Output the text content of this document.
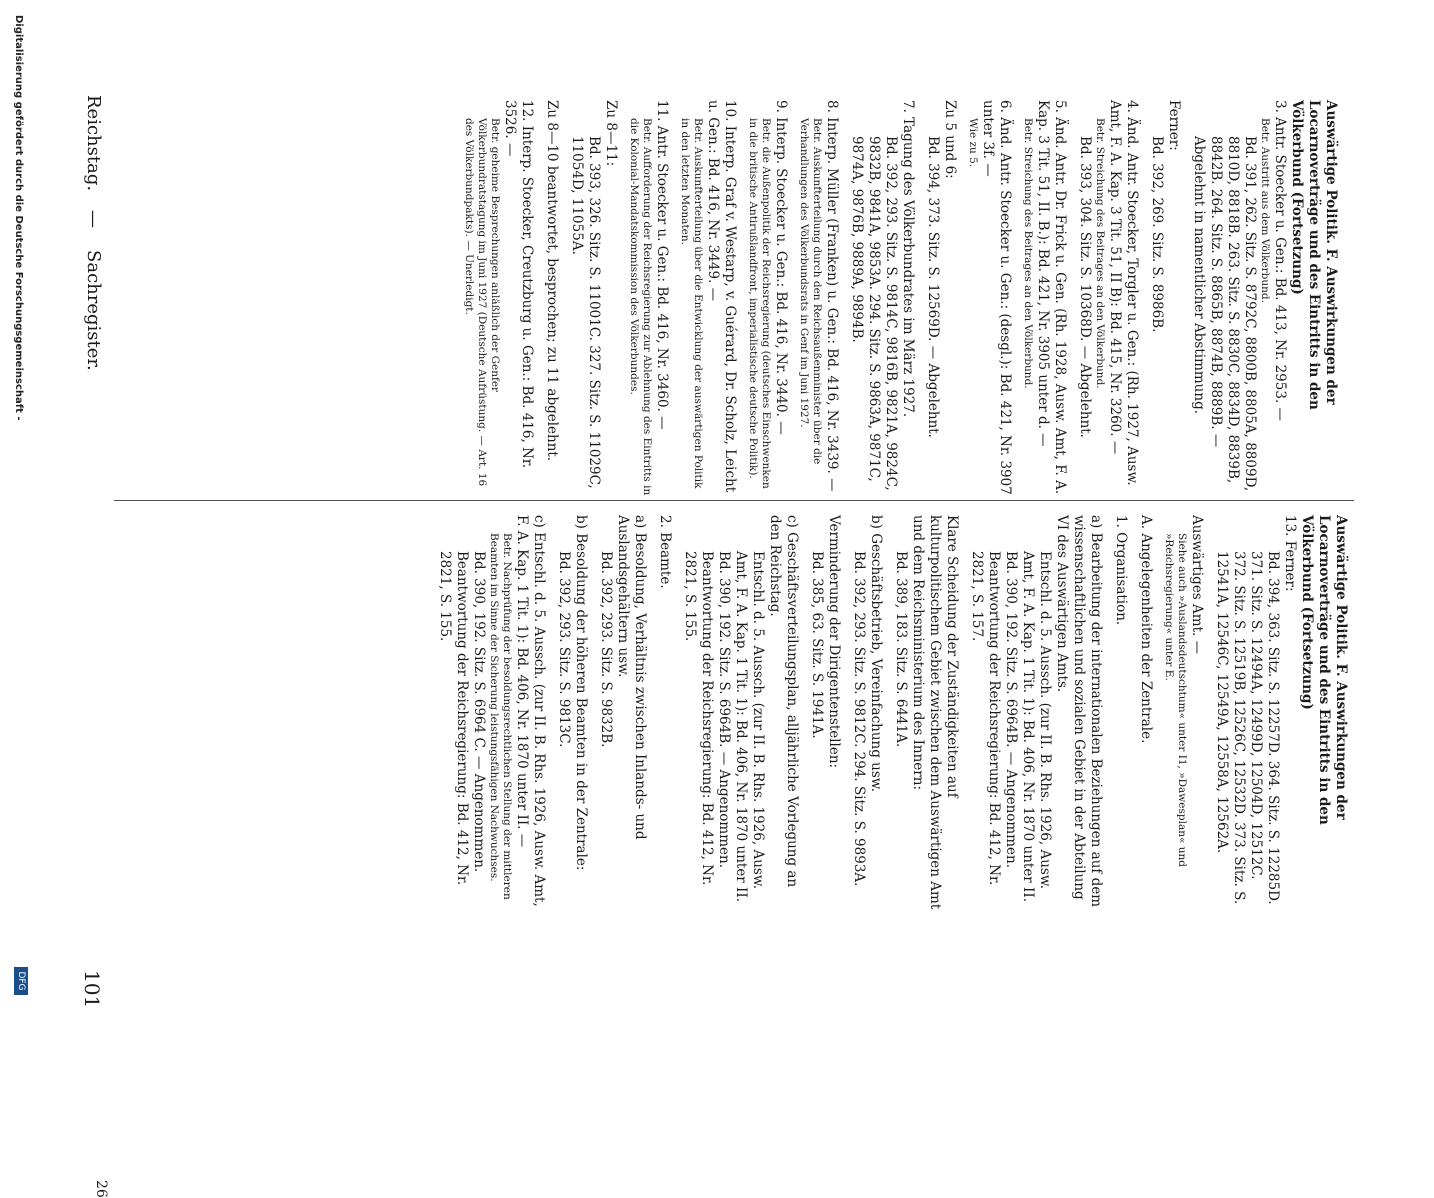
Reichstag.
—
Sachregister.
101
Auswärtige Politik. F. Auswirkungen der Locarnoverträge und des Eintritts in den Völkerbund (Fortsetzung)
3. Antr. Stoecker u. Gen.: Bd. 413, Nr. 2953. —
Betr. Austritt aus dem Völkerbund.
Bd. 391, 262. Sitz. S. 8792C, 8800B, 8805A, 8809D, 8810D, 8818B. 263. Sitz. S. 8830C, 8834D, 8839B, 8842B. 264. Sitz. S. 8865B, 8874B, 8889B. — Abgelehnt in namentlicher Abstimmung.
Ferner:
Bd. 392, 269. Sitz. S. 8986B.
4. Änd. Antr. Stoecker, Torgler u. Gen.: (Rh. 1927, Ausw. Amt, F. A. Kap. 3 Tit. 51, II B): Bd. 415, Nr. 3260. —
Betr. Streichung des Beitrages an den Völkerbund.
Bd. 393, 304. Sitz. S. 10368D. — Abgelehnt.
5. Änd. Antr. Dr. Frick u. Gen. (Rh. 1928, Ausw. Amt, F. A. Kap. 3 Tit. 51, II. B.): Bd. 421, Nr. 3905 unter d. —
Betr. Streichung des Beitrages an den Völkerbund.
6. Änd. Antr. Stoecker u. Gen.: (desgl.): Bd. 421, Nr. 3907 unter 3f. —
Wie zu 5.
Zu 5 und 6:
Bd. 394, 373. Sitz. S. 12569D. — Abgelehnt.
7. Tagung des Völkerbundrates im März 1927.
Bd. 392, 293. Sitz. S. 9814C, 9816B, 9821A, 9824C, 9832B, 9841A, 9853A. 294. Sitz. S. 9863A, 9871C, 9874A, 9876B, 9889A, 9894B.
8. Interp. Müller (Franken) u. Gen.: Bd. 416, Nr. 3439. —
Betr. Auskunfterteilung durch den Reichsaußenminister über die Verhandlungen des Völkerbundsrats in Genf im Juni 1927.
9. Interp. Stoecker u. Gen.: Bd. 416, Nr. 3440. —
Betr. die Außenpolitik der Reichsregierung (deutsches Einschwenken in die britische Antirußlandfront, imperialistische deutsche Politik).
10. Interp. Graf v. Westarp, v. Guérard, Dr. Scholz, Leicht u. Gen.: Bd. 416, Nr. 3449. —
Betr. Auskunfterteilung über die Entwicklung der auswärtigen Politik in den letzten Monaten.
11. Antr. Stoecker u. Gen.: Bd. 416, Nr. 3460. —
Betr. Aufforderung der Reichsregierung zur Ablehnung des Eintritts in die Kolonial-Mandatskommission des Völkerbundes.
Zu 8—11:
Bd. 393, 326. Sitz. S. 11001C. 327. Sitz. S. 11029C, 11054D, 11055A.
Zu 8—10 beantwortet, besprochen; zu 11 abgelehnt.
12. Interp. Stoecker, Creutzburg u. Gen.: Bd. 416, Nr. 3526. —
Betr. geheime Besprechungen anläßlich der Genfer Völkerbundratstagung im Juni 1927 (Deutsche Aufrüstung. — Art. 16 des Völkerbundpakts). — Unerledigt.
Auswärtige Politik. F. Auswirkungen der Locarnoverträge und des Eintritts in den Völkerbund (Fortsetzung)
13. Ferner:
Bd. 394, 363. Sitz. S. 12257D. 364. Sitz. S. 12285D. 371. Sitz. S. 12494A, 12499D, 12504D, 12512C. 372. Sitz. S. 12519B, 12526C, 12532D. 373. Sitz. S. 12541A, 12546C, 12549A, 12558A, 12562A.
Auswärtiges Amt. —
Siehe auch »Auslandsdeutschtum« unter I1, »Dawesplan« und »Reichsregierung« unter E.
A. Angelegenheiten der Zentrale.
1. Organisation.
a) Bearbeitung der internationalen Beziehungen auf dem wissenschaftlichen und sozialen Gebiet in der Abteilung VI des Auswärtigen Amts.
Entschl. d. 5. Aussch. (zur II. B. Rhs. 1926, Ausw. Amt, F. A. Kap. 1 Tit. 1): Bd. 406, Nr. 1870 unter II. Bd. 390, 192. Sitz. S. 6964B. — Angenommen. Beantwortung der Reichsregierung: Bd. 412, Nr. 2821, S. 157.
Klare Scheidung der Zuständigkeiten auf kulturpolitischem Gebiet zwischen dem Auswärtigen Amt und dem Reichsministerium des Innern:
Bd. 389, 183. Sitz. S. 6441A.
b) Geschäftsbetrieb, Vereinfachung usw.
Bd. 392, 293. Sitz. S. 9812C. 294. Sitz. S. 9893A.
Verminderung der Dirigentenstellen:
Bd. 385, 63. Sitz. S. 1941A.
c) Geschäftsverteilungsplan, alljährliche Vorlegung an den Reichstag.
Entschl. d. 5. Aussch. (zur II. B. Rhs. 1926, Ausw. Amt, F. A. Kap. 1 Tit. 1): Bd. 406, Nr. 1870 unter II. Bd. 390, 192. Sitz. S. 6964B. — Angenommen. Beantwortung der Reichsregierung: Bd. 412, Nr. 2821, S. 155.
2. Beamte.
a) Besoldung, Verhältnis zwischen Inlands- und Auslandsgehältern usw.
Bd. 392, 293. Sitz. S. 9832B.
b) Besoldung der höheren Beamten in der Zentrale:
Bd. 392, 293. Sitz. S. 9813C.
c) Entschl. d. 5. Aussch. (zur II. B. Rhs. 1926, Ausw. Amt, F. A. Kap. 1 Tit. 1): Bd. 406, Nr. 1870 unter II. —
Betr. Nachprüfung der besoldungsrechtlichen Stellung der mittleren Beamten im Sinne der Sicherung leistungsfähigen Nachwuchses.
Bd. 390, 192. Sitz. S. 6964 C. — Angenommen. Beantwortung der Reichsregierung: Bd. 412, Nr. 2821, S. 155.
26
Digitalisierung gefördert durch die Deutsche Forschungsgemeinschaft -
DFG
